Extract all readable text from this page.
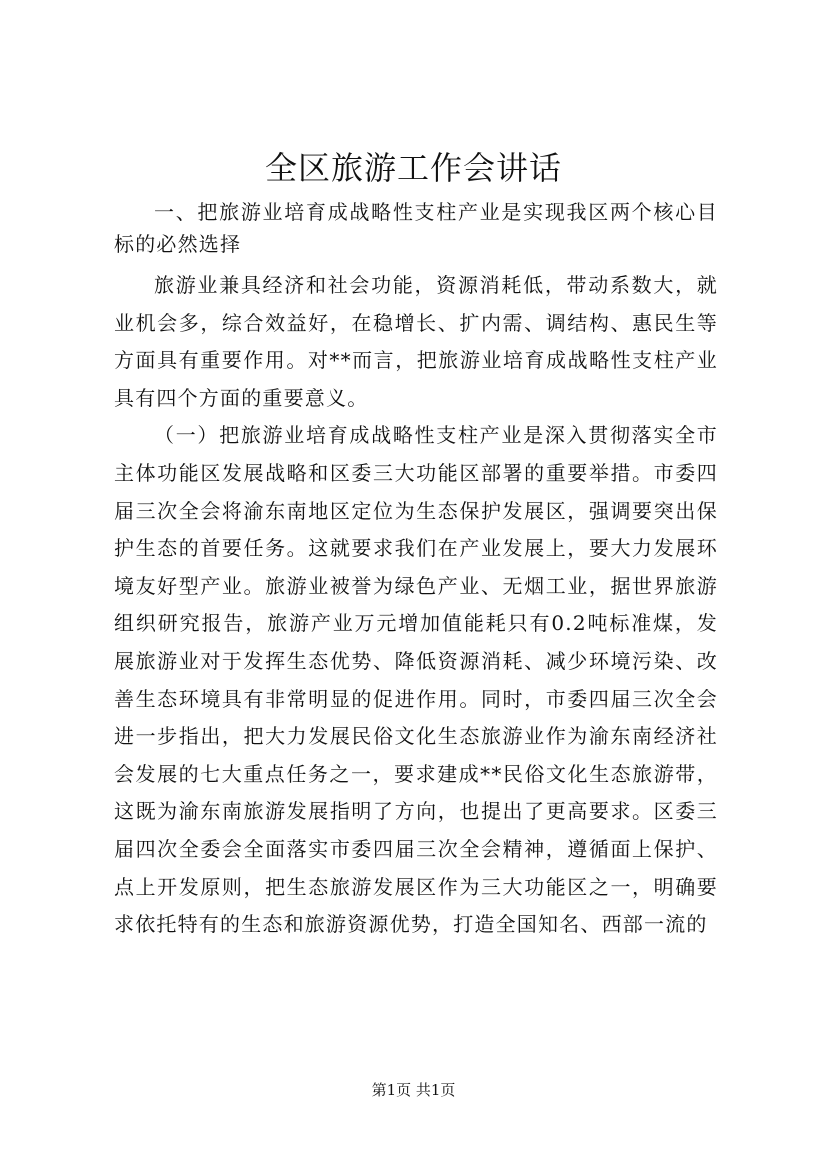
全区旅游工作会讲话

一、把旅游业培育成战略性支柱产业是实现我区两个核心目标的必然选择

旅游业兼具经济和社会功能，资源消耗低，带动系数大，就业机会多，综合效益好，在稳增长、扩内需、调结构、惠民生等方面具有重要作用。对**而言，把旅游业培育成战略性支柱产业具有四个方面的重要意义。

（一）把旅游业培育成战略性支柱产业是深入贯彻落实全市主体功能区发展战略和区委三大功能区部署的重要举措。市委四届三次全会将渝东南地区定位为生态保护发展区，强调要突出保护生态的首要任务。这就要求我们在产业发展上，要大力发展环境友好型产业。旅游业被誉为绿色产业、无烟工业，据世界旅游组织研究报告，旅游产业万元增加值能耗只有0.2吨标准煤，发展旅游业对于发挥生态优势、降低资源消耗、减少环境污染、改善生态环境具有非常明显的促进作用。同时，市委四届三次全会进一步指出，把大力发展民俗文化生态旅游业作为渝东南经济社会发展的七大重点任务之一，要求建成**民俗文化生态旅游带，这既为渝东南旅游发展指明了方向，也提出了更高要求。区委三届四次全委会全面落实市委四届三次全会精神，遵循面上保护、点上开发原则，把生态旅游发展区作为三大功能区之一，明确要求依托特有的生态和旅游资源优势，打造全国知名、西部一流的

第1页 共1页
